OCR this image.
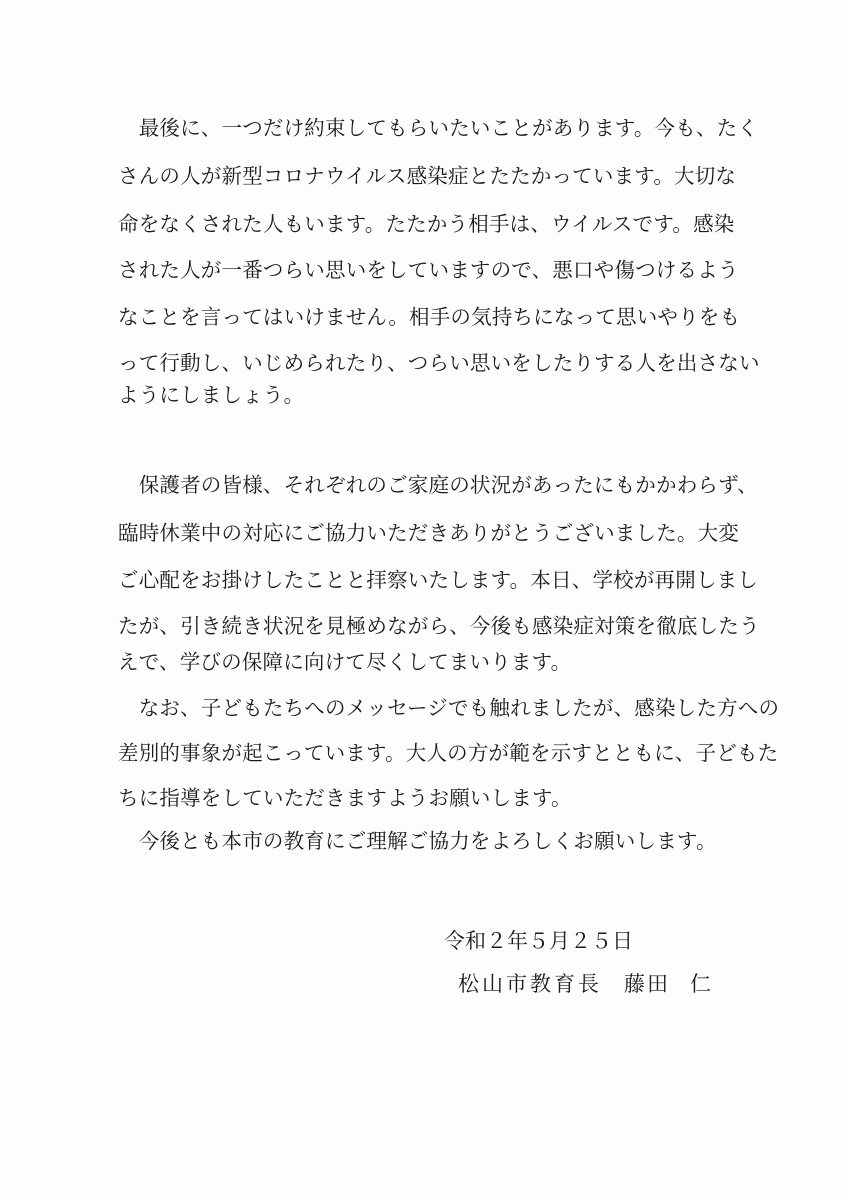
　最後に、一つだけ約束してもらいたいことがあります。今も、たく
さんの人が新型コロナウイルス感染症とたたかっています。大切な
命をなくされた人もいます。たたかう相手は、ウイルスです。感染
された人が一番つらい思いをしていますので、悪口や傷つけるよう
なことを言ってはいけません。相手の気持ちになって思いやりをも
って行動し、いじめられたり、つらい思いをしたりする人を出さない
ようにしましょう。
　保護者の皆様、それぞれのご家庭の状況があったにもかかわらず、
臨時休業中の対応にご協力いただきありがとうございました。大変
ご心配をお掛けしたことと拝察いたします。本日、学校が再開しまし
たが、引き続き状況を見極めながら、今後も感染症対策を徹底したう
えで、学びの保障に向けて尽くしてまいります。
　なお、子どもたちへのメッセージでも触れましたが、感染した方への
差別的事象が起こっています。大人の方が範を示すとともに、子どもた
ちに指導をしていただきますようお願いします。
　今後とも本市の教育にご理解ご協力をよろしくお願いします。
令和２年５月２５日
松山市教育長 藤田 仁
